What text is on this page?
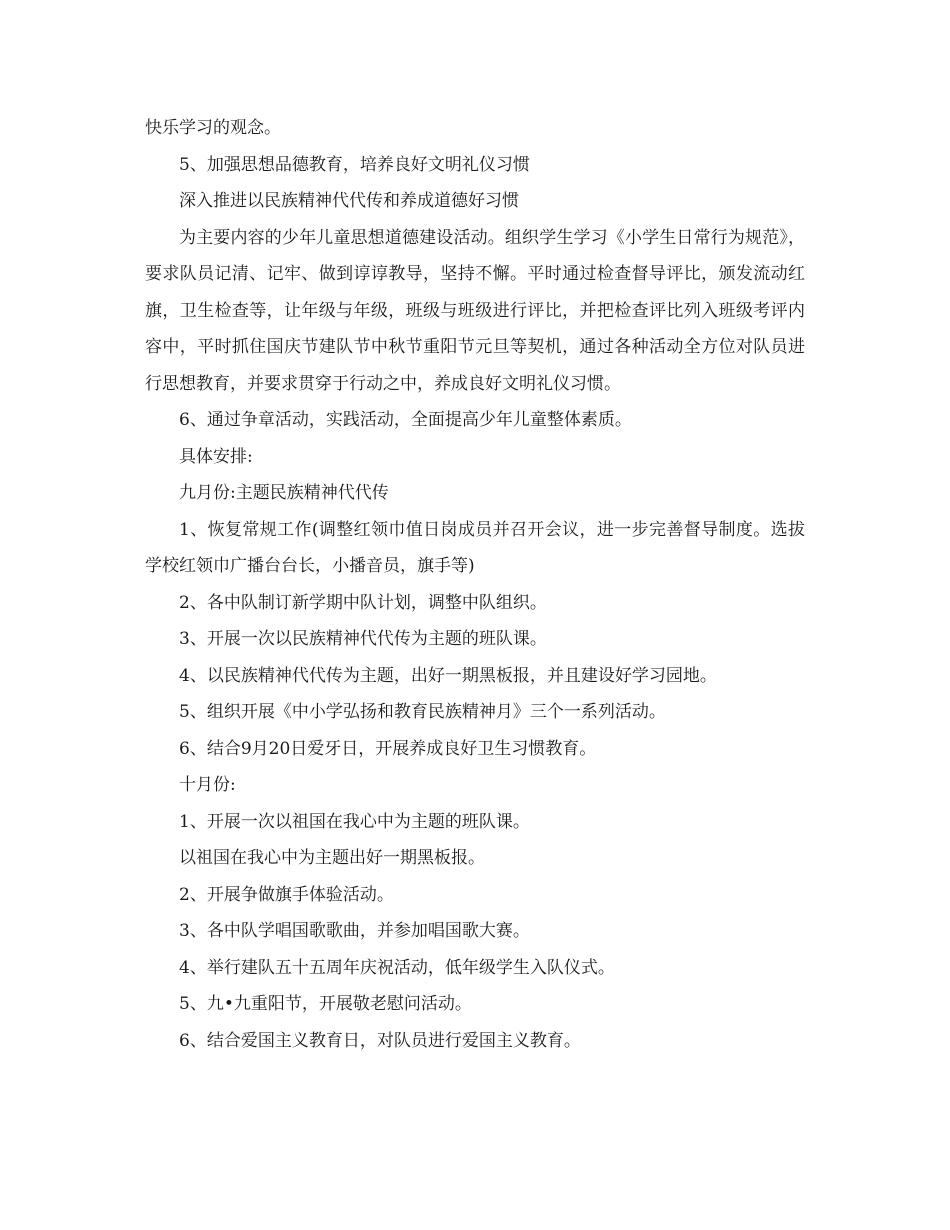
快乐学习的观念。

5、加强思想品德教育，培养良好文明礼仪习惯

深入推进以民族精神代代传和养成道德好习惯

为主要内容的少年儿童思想道德建设活动。组织学生学习《小学生日常行为规范》，要求队员记清、记牢、做到谆谆教导，坚持不懈。平时通过检查督导评比，颁发流动红旗，卫生检查等，让年级与年级，班级与班级进行评比，并把检查评比列入班级考评内容中，平时抓住国庆节建队节中秋节重阳节元旦等契机，通过各种活动全方位对队员进行思想教育，并要求贯穿于行动之中，养成良好文明礼仪习惯。

6、通过争章活动，实践活动，全面提高少年儿童整体素质。

具体安排:

九月份:主题民族精神代代传

1、恢复常规工作(调整红领巾值日岗成员并召开会议，进一步完善督导制度。选拔学校红领巾广播台台长，小播音员，旗手等)

2、各中队制订新学期中队计划，调整中队组织。

3、开展一次以民族精神代代传为主题的班队课。

4、以民族精神代代传为主题，出好一期黑板报，并且建设好学习园地。

5、组织开展《中小学弘扬和教育民族精神月》三个一系列活动。

6、结合9月20日爱牙日，开展养成良好卫生习惯教育。

十月份:

1、开展一次以祖国在我心中为主题的班队课。

以祖国在我心中为主题出好一期黑板报。

2、开展争做旗手体验活动。

3、各中队学唱国歌歌曲，并参加唱国歌大赛。

4、举行建队五十五周年庆祝活动，低年级学生入队仪式。

5、九•九重阳节，开展敬老慰问活动。

6、结合爱国主义教育日，对队员进行爱国主义教育。
